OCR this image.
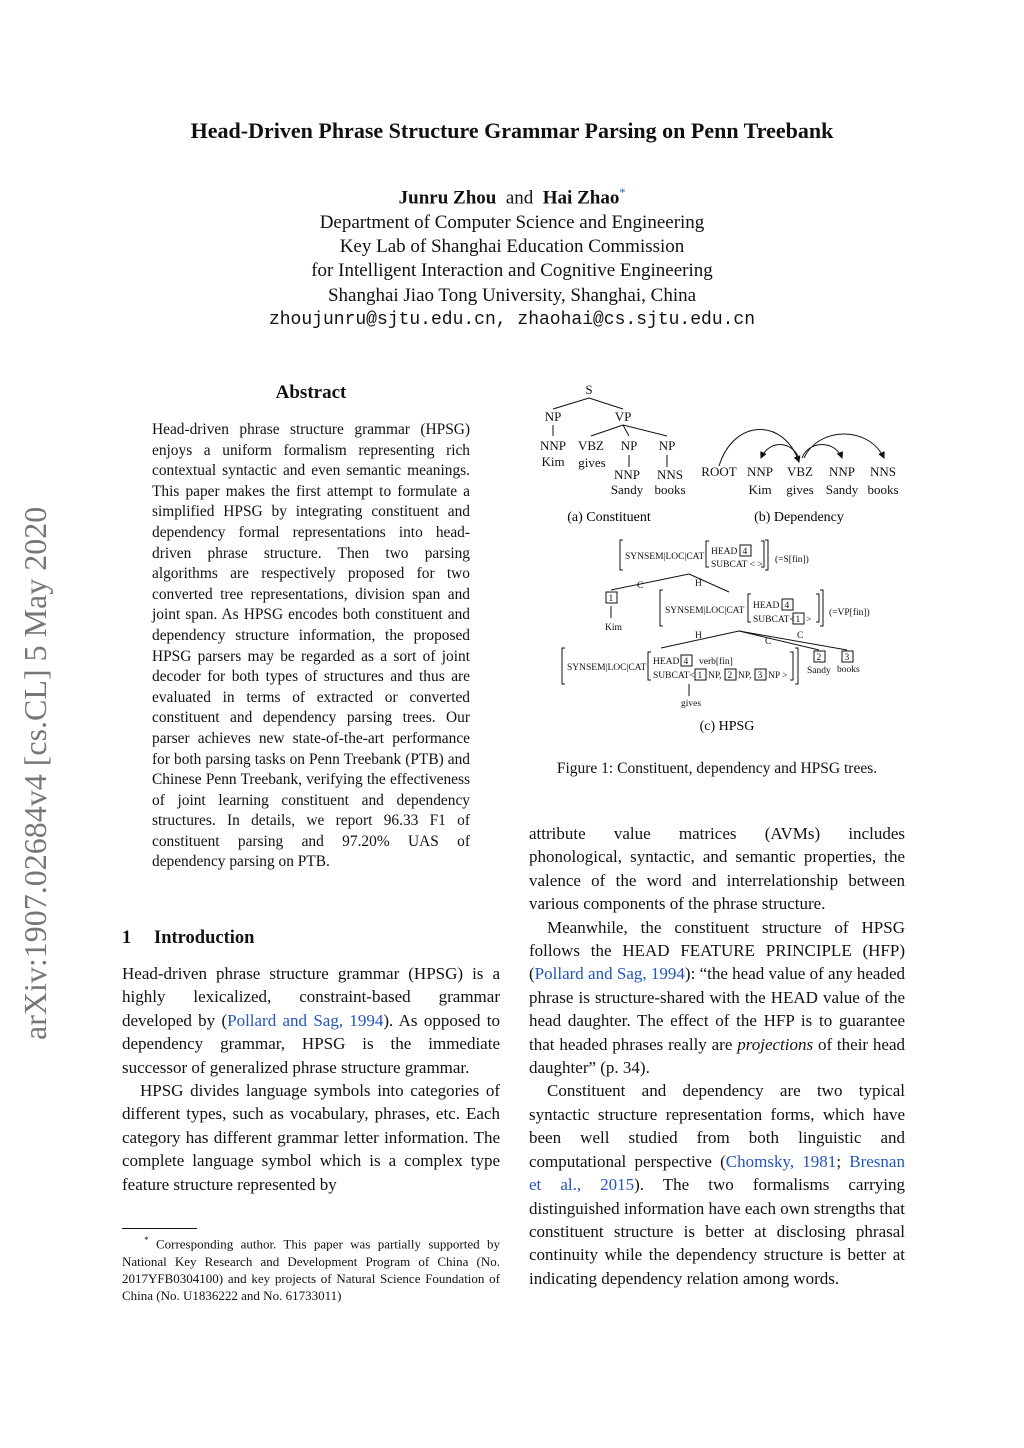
arXiv:1907.02684v4 [cs.CL] 5 May 2020
Head-Driven Phrase Structure Grammar Parsing on Penn Treebank
Junru Zhou and Hai Zhao*
Department of Computer Science and Engineering
Key Lab of Shanghai Education Commission
for Intelligent Interaction and Cognitive Engineering
Shanghai Jiao Tong University, Shanghai, China
zhoujunru@sjtu.edu.cn, zhaohai@cs.sjtu.edu.cn
Abstract
Head-driven phrase structure grammar (HPSG) enjoys a uniform formalism representing rich contextual syntactic and even semantic meanings. This paper makes the first attempt to formulate a simplified HPSG by integrating constituent and dependency formal representations into head-driven phrase structure. Then two parsing algorithms are respectively proposed for two converted tree representations, division span and joint span. As HPSG encodes both constituent and dependency structure information, the proposed HPSG parsers may be regarded as a sort of joint decoder for both types of structures and thus are evaluated in terms of extracted or converted constituent and dependency parsing trees. Our parser achieves new state-of-the-art performance for both parsing tasks on Penn Treebank (PTB) and Chinese Penn Treebank, verifying the effectiveness of joint learning constituent and dependency structures. In details, we report 96.33 F1 of constituent parsing and 97.20% UAS of dependency parsing on PTB.
1 Introduction

Head-driven phrase structure grammar (HPSG) is a highly lexicalized, constraint-based grammar developed by (Pollard and Sag, 1994). As opposed to dependency grammar, HPSG is the immediate successor of generalized phrase structure grammar.

HPSG divides language symbols into categories of different types, such as vocabulary, phrases, etc. Each category has different grammar letter information. The complete language symbol which is a complex type feature structure represented by

* Corresponding author. This paper was partially supported by National Key Research and Development Program of China (No. 2017YFB0304100) and key projects of Natural Science Foundation of China (No. U1836222 and No. 61733011)
S
NP	VP
NNP
Kim
VBZ
gives
NP NP
NNP
Sandy
NNS
books
(a) Constituent
ROOT NNP VBZ NNP NNS
Kim gives Sandy books
(b) Dependency
SYNSEM|LOC|CAT HEAD 4
SUBCAT < > (=S[fin])
C	H
1
Kim
SYNSEM|LOC|CAT HEAD 4
SUBCAT< 1 >
(=VP[fin])
H
C
C
SYNSEM|LOC|CAT
HEAD 4 verb[fin]
SUBCAT< 1 NP, 2 NP, 3 NP >
gives
2 3
Sandy books
(c) HPSG
Figure 1: Constituent, dependency and HPSG trees.

attribute value matrices (AVMs) includes phonological, syntactic, and semantic properties, the valence of the word and interrelationship between various components of the phrase structure.

Meanwhile, the constituent structure of HPSG follows the HEAD FEATURE PRINCIPLE (HFP) (Pollard and Sag, 1994): “the head value of any headed phrase is structure-shared with the HEAD value of the head daughter. The effect of the HFP is to guarantee that headed phrases really are projections of their head daughter” (p. 34).

Constituent and dependency are two typical syntactic structure representation forms, which have been well studied from both linguistic and computational perspective (Chomsky, 1981; Bresnan et al., 2015). The two formalisms carrying distinguished information have each own strengths that constituent structure is better at disclosing phrasal continuity while the dependency structure is better at indicating dependency relation among words.
